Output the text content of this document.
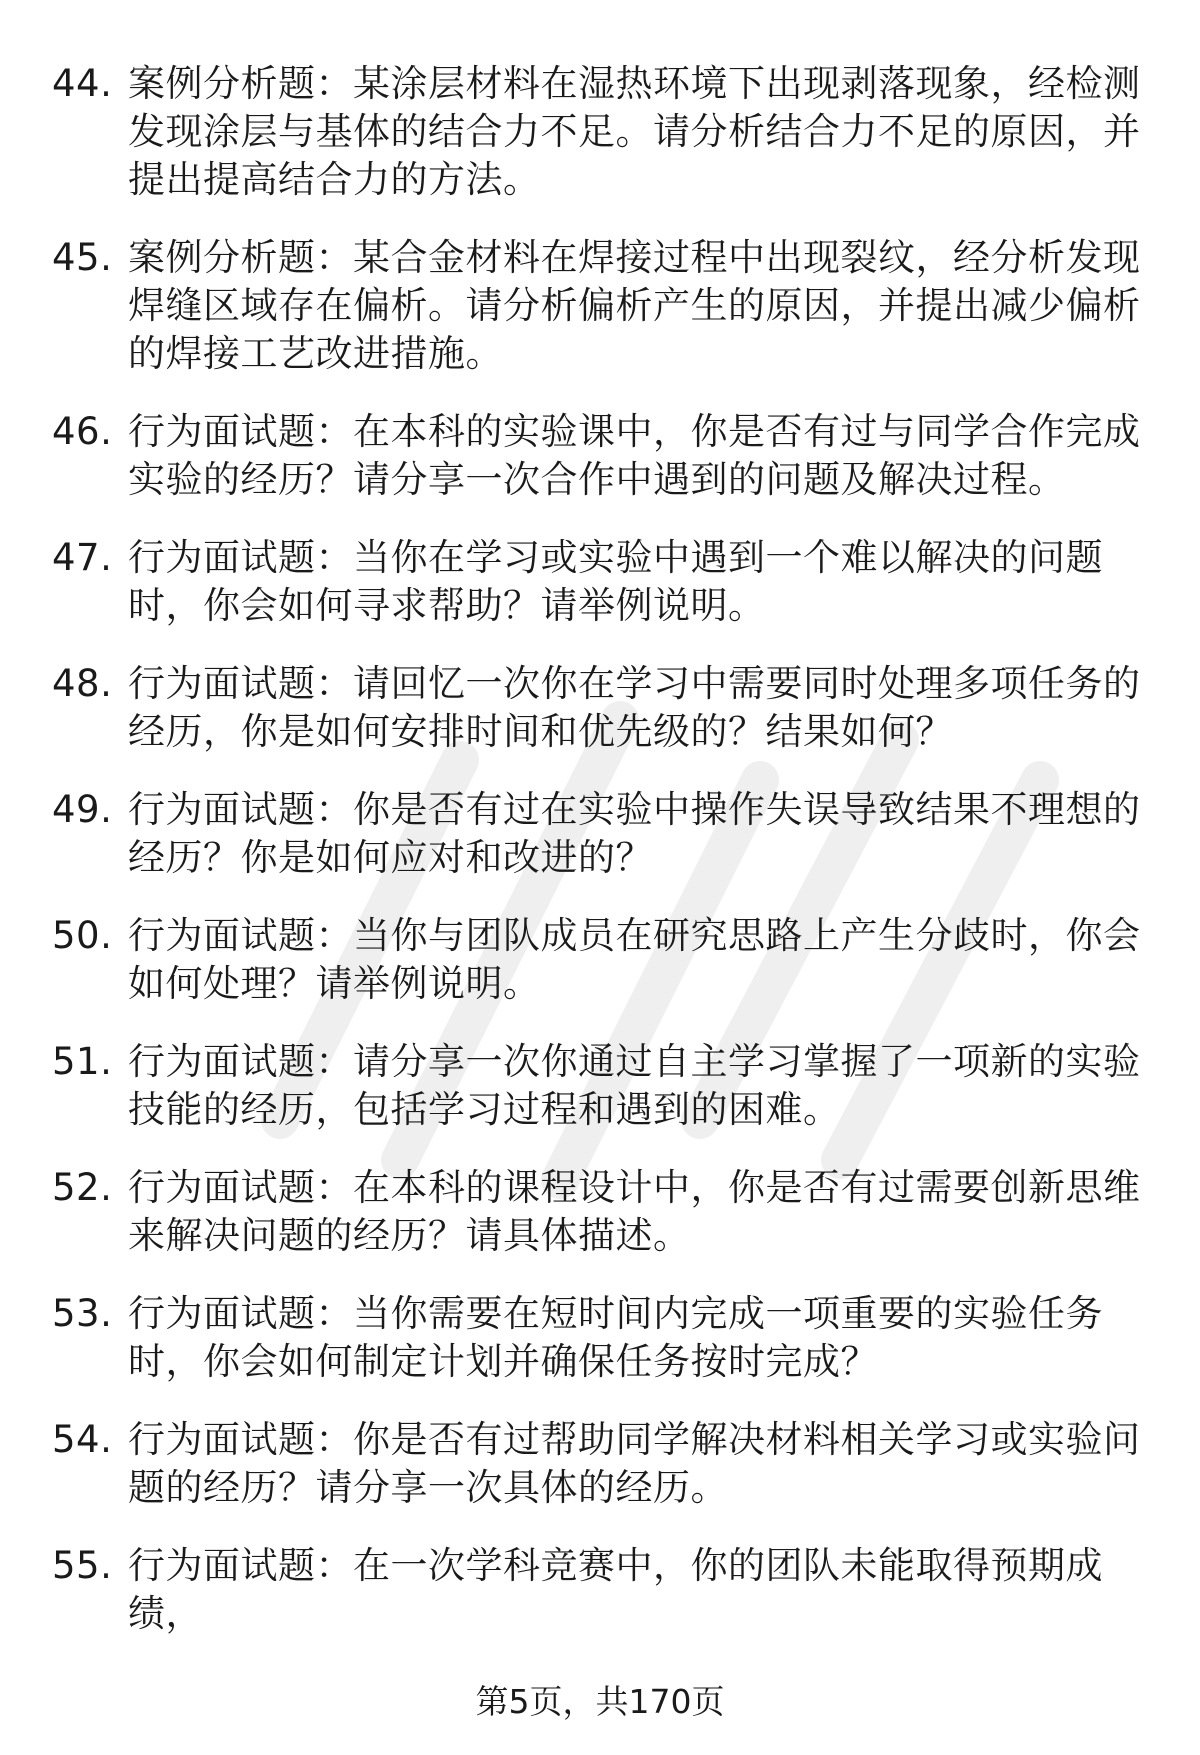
44. 案例分析题：某涂层材料在湿热环境下出现剥落现象，经检测发现涂层与基体的结合力不足。请分析结合力不足的原因，并提出提高结合力的方法。
45. 案例分析题：某合金材料在焊接过程中出现裂纹，经分析发现焊缝区域存在偏析。请分析偏析产生的原因，并提出减少偏析的焊接工艺改进措施。
46. 行为面试题：在本科的实验课中，你是否有过与同学合作完成实验的经历？请分享一次合作中遇到的问题及解决过程。
47. 行为面试题：当你在学习或实验中遇到一个难以解决的问题时，你会如何寻求帮助？请举例说明。
48. 行为面试题：请回忆一次你在学习中需要同时处理多项任务的经历，你是如何安排时间和优先级的？结果如何？
49. 行为面试题：你是否有过在实验中操作失误导致结果不理想的经历？你是如何应对和改进的？
50. 行为面试题：当你与团队成员在研究思路上产生分歧时，你会如何处理？请举例说明。
51. 行为面试题：请分享一次你通过自主学习掌握了一项新的实验技能的经历，包括学习过程和遇到的困难。
52. 行为面试题：在本科的课程设计中，你是否有过需要创新思维来解决问题的经历？请具体描述。
53. 行为面试题：当你需要在短时间内完成一项重要的实验任务时，你会如何制定计划并确保任务按时完成？
54. 行为面试题：你是否有过帮助同学解决材料相关学习或实验问题的经历？请分享一次具体的经历。
55. 行为面试题：在一次学科竞赛中，你的团队未能取得预期成绩，
第5页，共170页
